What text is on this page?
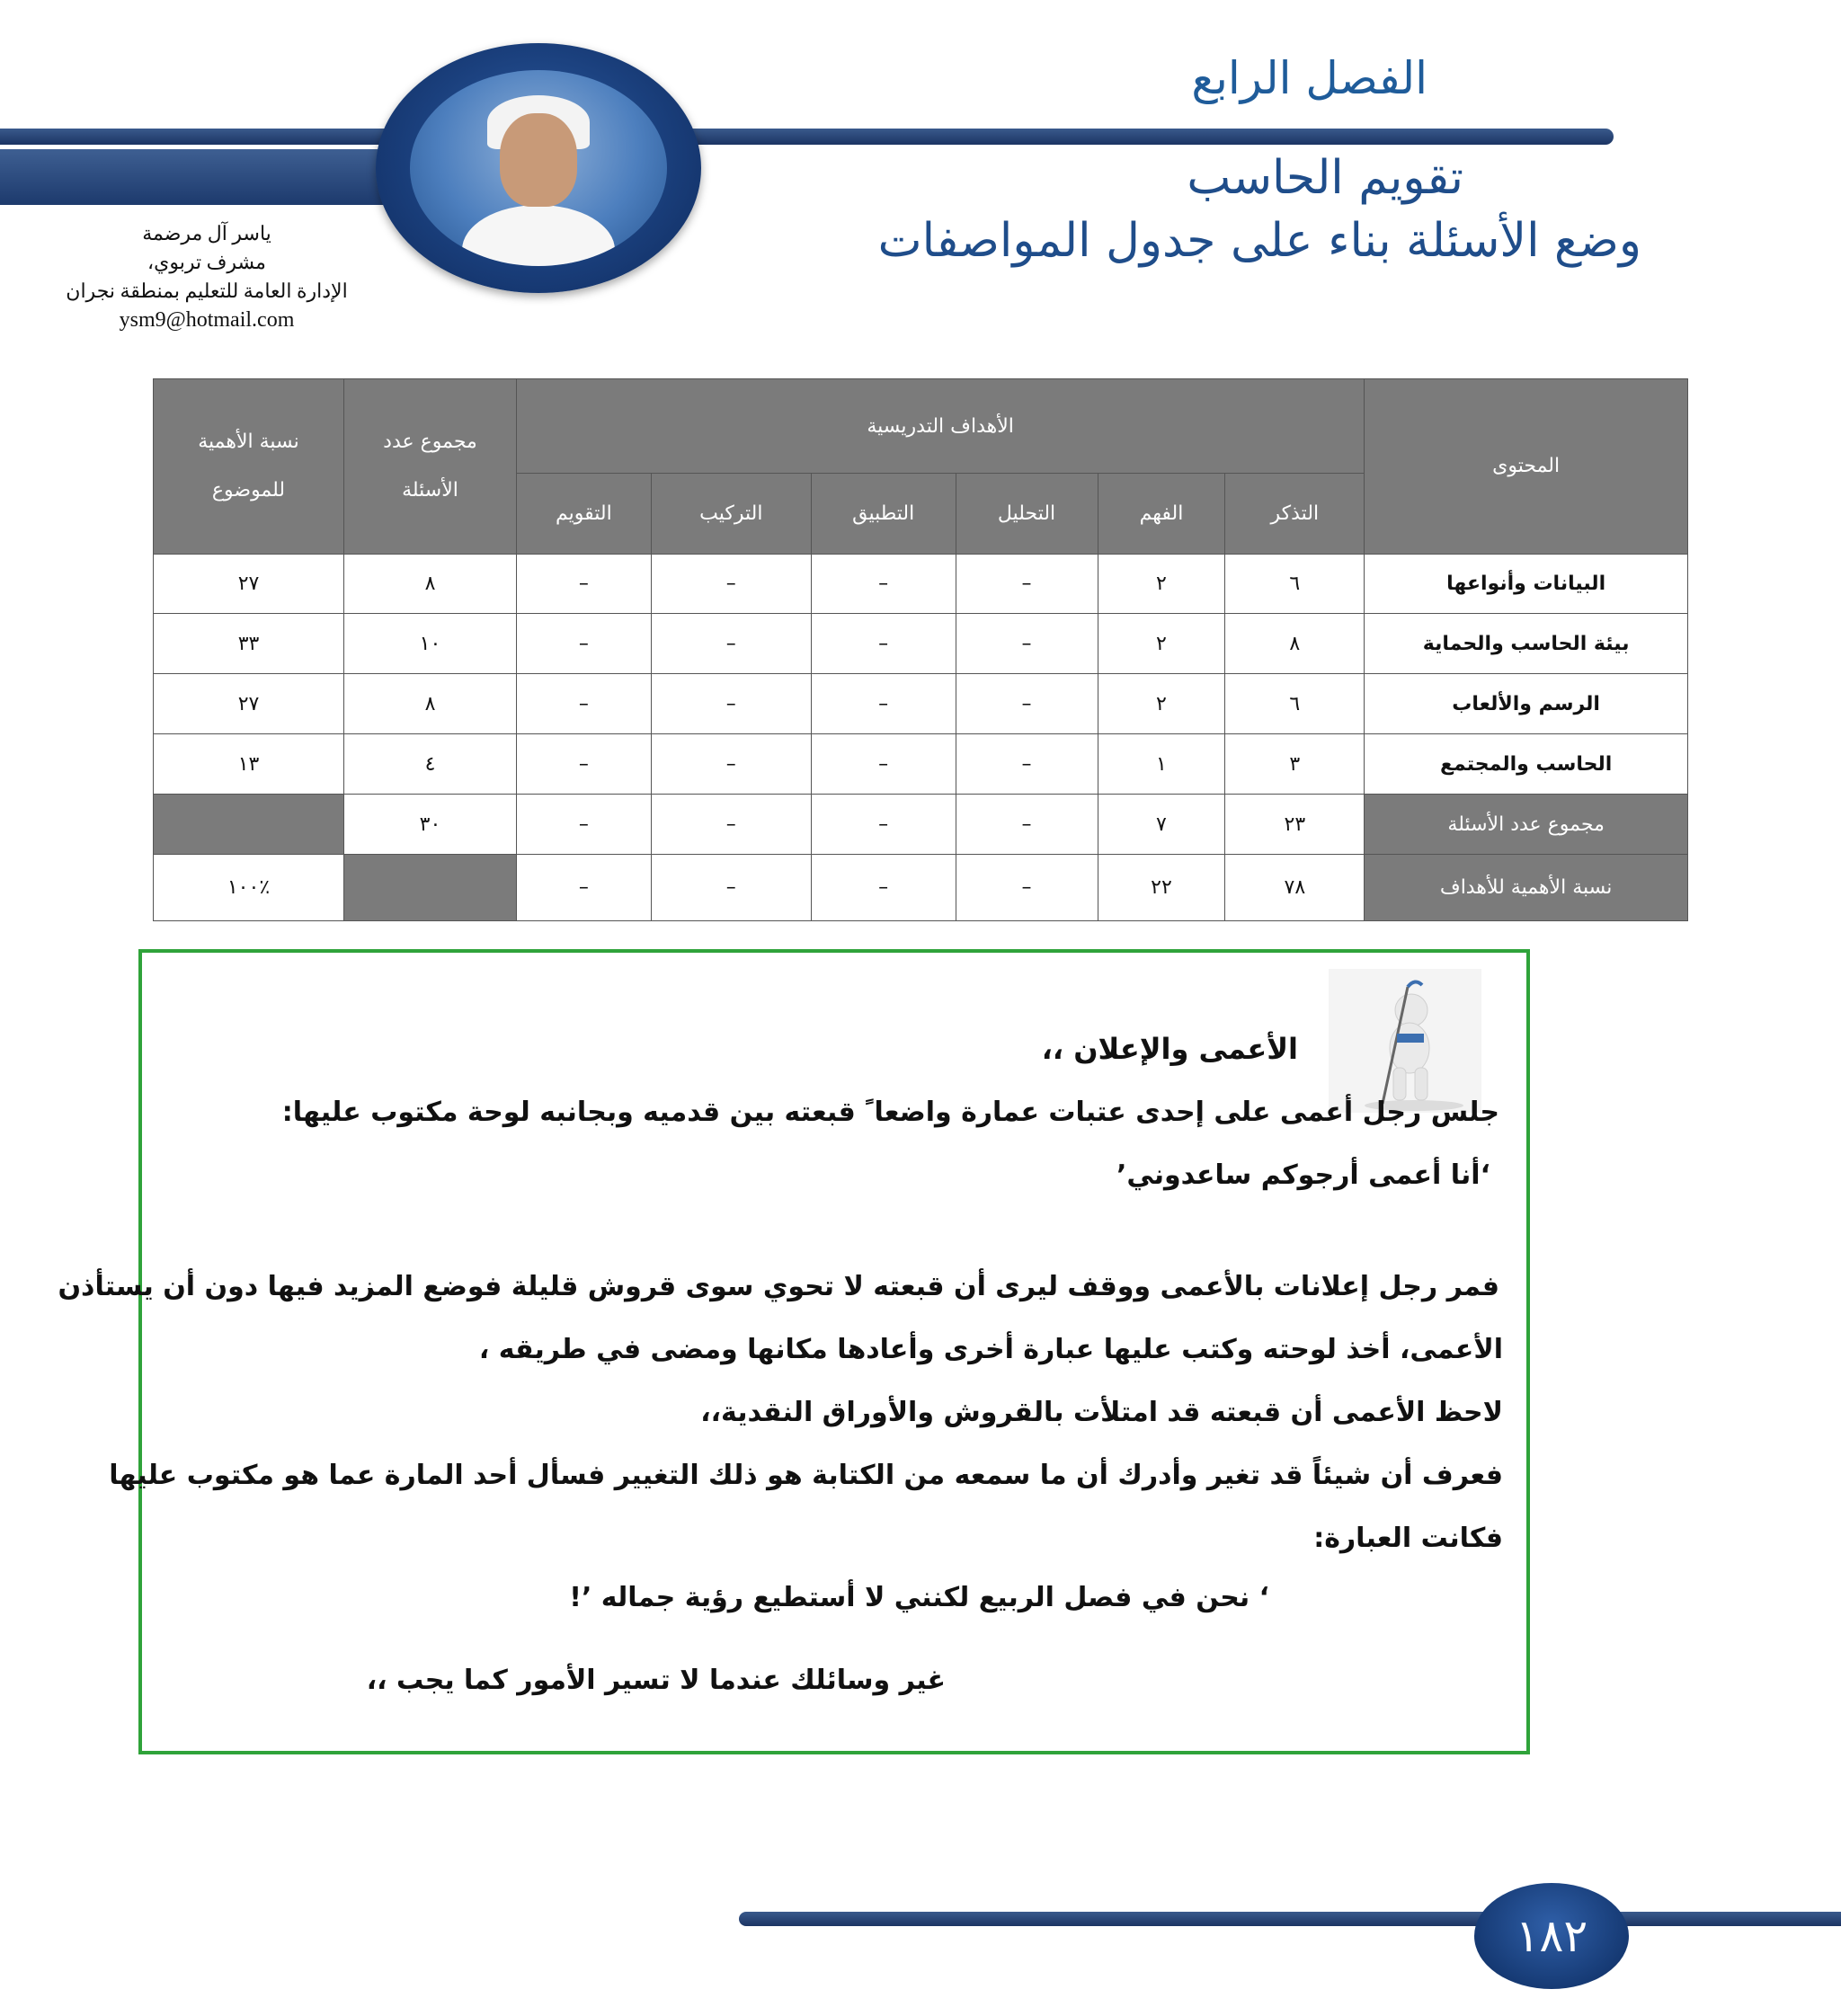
الفصل الرابع
تقويم الحاسب
وضع الأسئلة بناء على جدول المواصفات
ياسر آل مرضمة
مشرف تربوي،
الإدارة العامة للتعليم بمنطقة نجران
ysm9@hotmail.com
المحتوى	الأهداف التدريسية						مجموع عدد الأسئلة	نسبة الأهمية للموضوع

	التذكر	الفهم	التحليل	التطبيق	التركيب	التقويم		
البيانات وأنواعها	٦	٢	–	–	–	–	٨	٢٧
بيئة الحاسب والحماية	٨	٢	–	–	–	–	١٠	٣٣
الرسم والألعاب	٦	٢	–	–	–	–	٨	٢٧
الحاسب والمجتمع	٣	١	–	–	–	–	٤	١٣
مجموع عدد الأسئلة	٢٣	٧	–	–	–	–	٣٠	
نسبة الأهمية للأهداف	٧٨	٢٢	–	–	–	–		٪١٠٠
الأعمى والإعلان ،،
جلس رجل أعمى على إحدى عتبات عمارة واضعا ً قبعته بين قدميه وبجانبه لوحة مكتوب عليها:
‘أنا أعمى أرجوكم ساعدوني’
فمر رجل إعلانات بالأعمى ووقف ليرى أن قبعته لا تحوي سوى قروش قليلة فوضع المزيد فيها دون أن يستأذن
الأعمى، أخذ لوحته وكتب عليها عبارة أخرى وأعادها مكانها ومضى في طريقه ،
لاحظ الأعمى أن قبعته قد امتلأت بالقروش والأوراق النقدية،،
فعرف أن شيئاً قد تغير وأدرك أن ما سمعه من الكتابة هو ذلك التغيير فسأل أحد المارة عما هو مكتوب عليها
فكانت العبارة:
‘ نحن في فصل الربيع لكنني لا أستطيع رؤية جماله ’!
غير وسائلك عندما لا تسير الأمور كما يجب ،،
١٨٢
